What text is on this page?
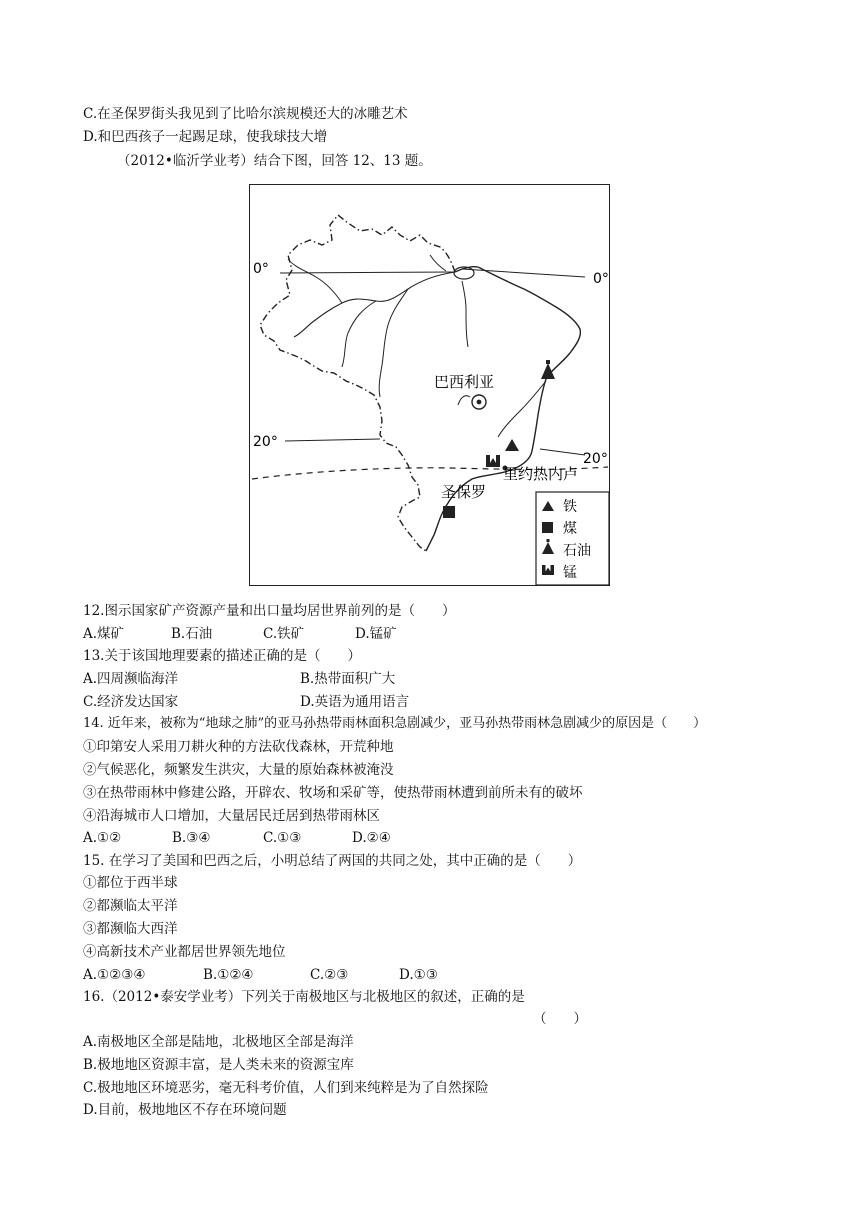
C.在圣保罗街头我见到了比哈尔滨规模还大的冰雕艺术
D.和巴西孩子一起踢足球，使我球技大增
（2012•临沂学业考）结合下图，回答 12、13 题。
0°
0°
20°
20°
巴西利亚
里约热内卢
圣保罗
铁
煤
石油
锰
12.图示国家矿产资源产量和出口量均居世界前列的是（　　）
A.煤矿	B.石油	C.铁矿	D.锰矿
13.关于该国地理要素的描述正确的是（　　）
A.四周濒临海洋	B.热带面积广大
C.经济发达国家	D.英语为通用语言
14. 近年来，被称为“地球之肺”的亚马孙热带雨林面积急剧减少，亚马孙热带雨林急剧减少的原因是（　　）
①印第安人采用刀耕火种的方法砍伐森林，开荒种地
②气候恶化，频繁发生洪灾，大量的原始森林被淹没
③在热带雨林中修建公路，开辟农、牧场和采矿等，使热带雨林遭到前所未有的破坏
④沿海城市人口增加，大量居民迁居到热带雨林区
A.①②	B.③④	C.①③	D.②④
15. 在学习了美国和巴西之后，小明总结了两国的共同之处，其中正确的是（　　）
①都位于西半球
②都濒临太平洋
③都濒临大西洋
④高新技术产业都居世界领先地位
A.①②③④	B.①②④	C.②③	D.①③
16.（2012•泰安学业考）下列关于南极地区与北极地区的叙述，正确的是
（　　）
A.南极地区全部是陆地，北极地区全部是海洋
B.极地地区资源丰富，是人类未来的资源宝库
C.极地地区环境恶劣，毫无科考价值，人们到来纯粹是为了自然探险
D.目前，极地地区不存在环境问题
